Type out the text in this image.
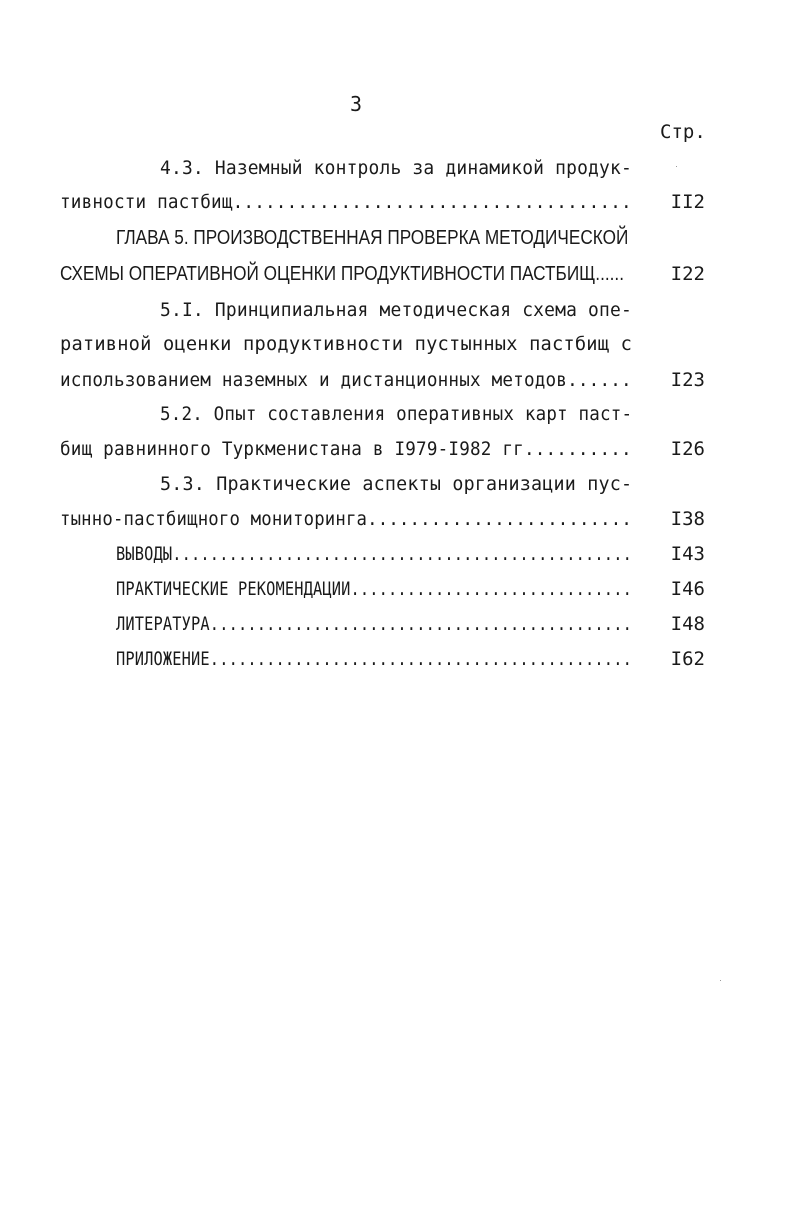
3
Стр.
4.3. Наземный контроль за динамикой продук-
тивности пастбищ..................................... II2
ГЛАВА 5. ПРОИЗВОДСТВЕННАЯ ПРОВЕРКА МЕТОДИЧЕСКОЙ
СХЕМЫ ОПЕРАТИВНОЙ ОЦЕНКИ ПРОДУКТИВНОСТИ ПАСТБИЩ...... I22
5.I. Принципиальная методическая схема опе-
ративной оценки продуктивности пустынных пастбищ с
использованием наземных и дистанционных методов...... I23
5.2. Опыт составления оперативных карт паст-
бищ равнинного Туркменистана в I979-I982 гг.......... I26
5.3. Практические аспекты организации пус-
тынно-пастбищного мониторинга......................... I38
ВЫВОДЫ................................................. I43
ПРАКТИЧЕСКИЕ РЕКОМЕНДАЦИИ.............................. I46
ЛИТЕРАТУРА............................................. I48
ПРИЛОЖЕНИЕ............................................. I62
